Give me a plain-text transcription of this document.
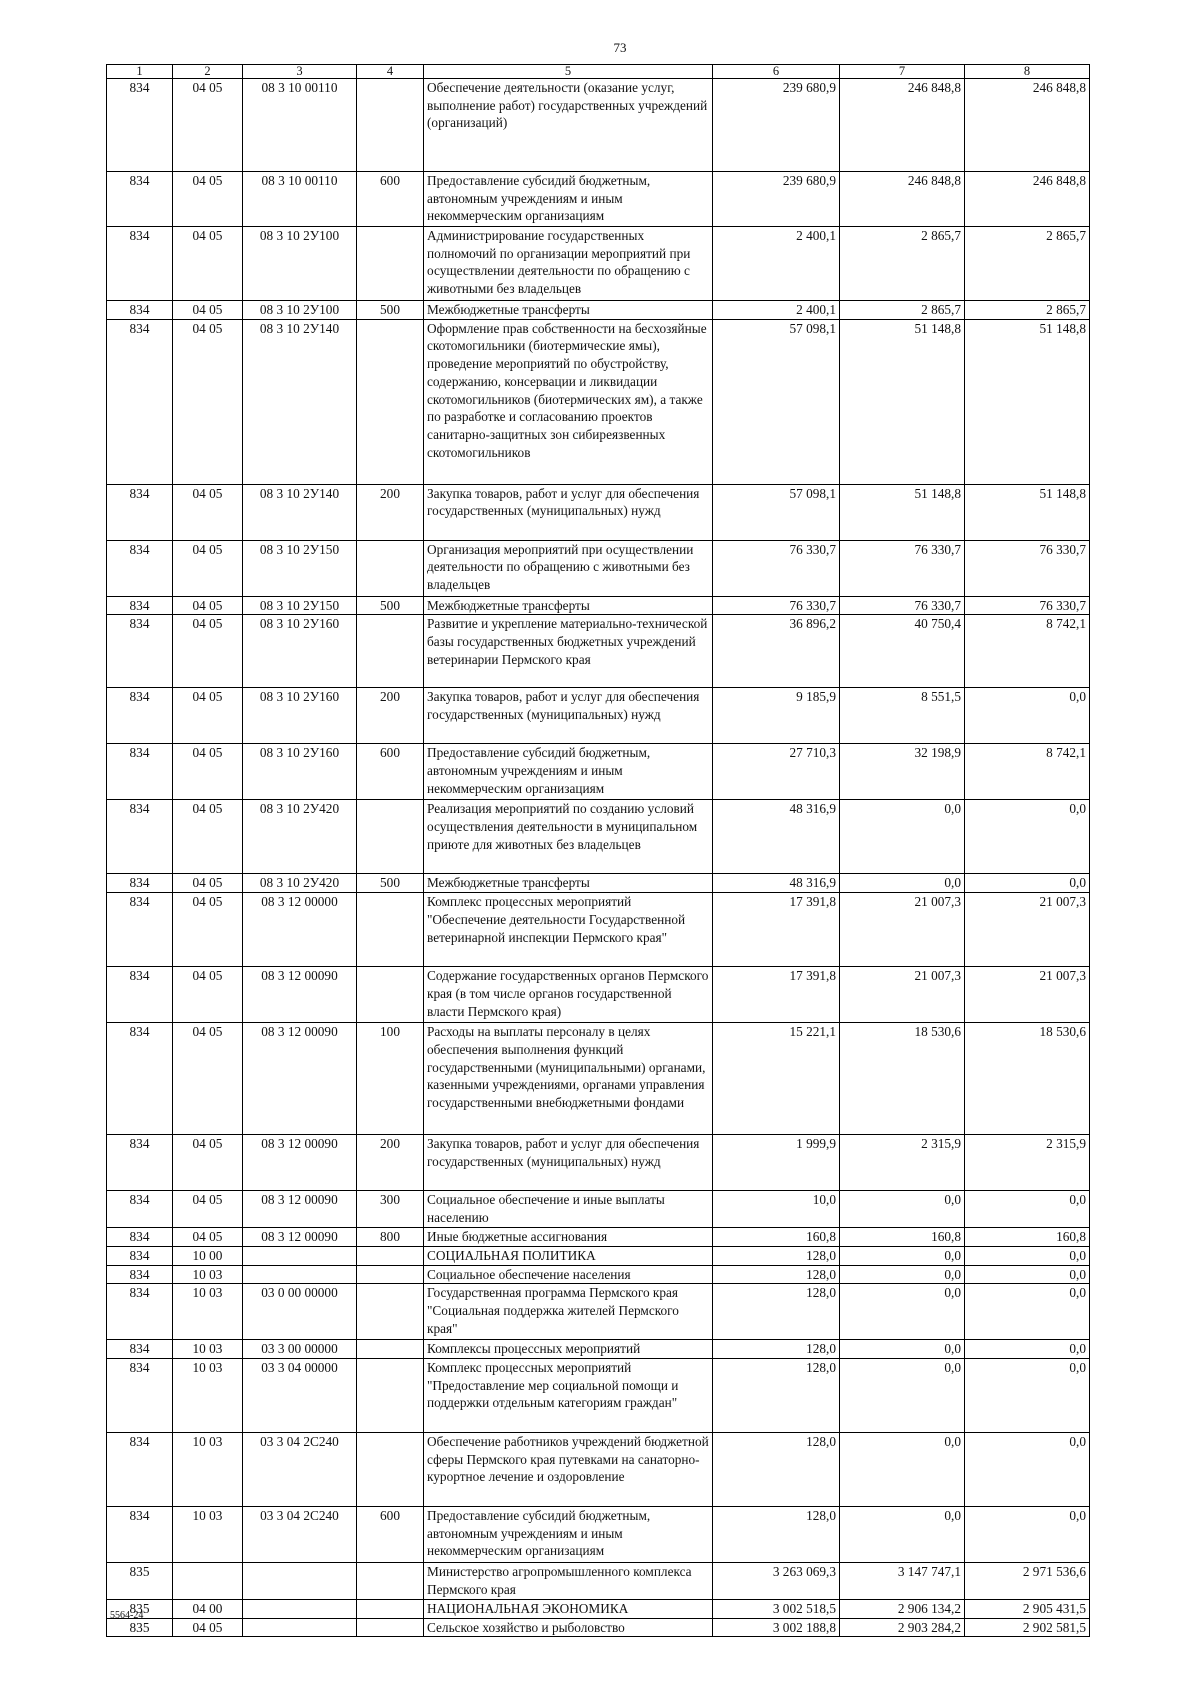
73
1	2	3	4	5	6	7	8
834	04 05	08 3 10 00110		Обеспечение деятельности (оказание услуг, выполнение работ) государственных учреждений (организаций)	239 680,9	246 848,8	246 848,8
834	04 05	08 3 10 00110	600	Предоставление субсидий бюджетным, автономным учреждениям и иным некоммерческим организациям	239 680,9	246 848,8	246 848,8
834	04 05	08 3 10 2У100		Администрирование государственных полномочий по организации мероприятий при осуществлении деятельности по обращению с животными без владельцев	2 400,1	2 865,7	2 865,7
834	04 05	08 3 10 2У100	500	Межбюджетные трансферты	2 400,1	2 865,7	2 865,7
834	04 05	08 3 10 2У140		Оформление прав собственности на бесхозяйные скотомогильники (биотермические ямы), проведение мероприятий по обустройству, содержанию, консервации и ликвидации скотомогильников (биотермических ям), а также по разработке и согласованию проектов санитарно-защитных зон сибиреязвенных скотомогильников	57 098,1	51 148,8	51 148,8
834	04 05	08 3 10 2У140	200	Закупка товаров, работ и услуг для обеспечения государственных (муниципальных) нужд	57 098,1	51 148,8	51 148,8
834	04 05	08 3 10 2У150		Организация мероприятий при осуществлении деятельности по обращению с животными без владельцев	76 330,7	76 330,7	76 330,7
834	04 05	08 3 10 2У150	500	Межбюджетные трансферты	76 330,7	76 330,7	76 330,7
834	04 05	08 3 10 2У160		Развитие и укрепление материально-технической базы государственных бюджетных учреждений ветеринарии Пермского края	36 896,2	40 750,4	8 742,1
834	04 05	08 3 10 2У160	200	Закупка товаров, работ и услуг для обеспечения государственных (муниципальных) нужд	9 185,9	8 551,5	0,0
834	04 05	08 3 10 2У160	600	Предоставление субсидий бюджетным, автономным учреждениям и иным некоммерческим организациям	27 710,3	32 198,9	8 742,1
834	04 05	08 3 10 2У420		Реализация мероприятий по созданию условий осуществления деятельности в муниципальном приюте для животных без владельцев	48 316,9	0,0	0,0
834	04 05	08 3 10 2У420	500	Межбюджетные трансферты	48 316,9	0,0	0,0
834	04 05	08 3 12 00000		Комплекс процессных мероприятий "Обеспечение деятельности Государственной ветеринарной инспекции Пермского края"	17 391,8	21 007,3	21 007,3
834	04 05	08 3 12 00090		Содержание государственных органов Пермского края (в том числе органов государственной власти Пермского края)	17 391,8	21 007,3	21 007,3
834	04 05	08 3 12 00090	100	Расходы на выплаты персоналу в целях обеспечения выполнения функций государственными (муниципальными) органами, казенными учреждениями, органами управления государственными внебюджетными фондами	15 221,1	18 530,6	18 530,6
834	04 05	08 3 12 00090	200	Закупка товаров, работ и услуг для обеспечения государственных (муниципальных) нужд	1 999,9	2 315,9	2 315,9
834	04 05	08 3 12 00090	300	Социальное обеспечение и иные выплаты населению	10,0	0,0	0,0
834	04 05	08 3 12 00090	800	Иные бюджетные ассигнования	160,8	160,8	160,8
834	10 00			СОЦИАЛЬНАЯ ПОЛИТИКА	128,0	0,0	0,0
834	10 03			Социальное обеспечение населения	128,0	0,0	0,0
834	10 03	03 0 00 00000		Государственная программа Пермского края "Социальная поддержка жителей Пермского края"	128,0	0,0	0,0
834	10 03	03 3 00 00000		Комплексы процессных мероприятий	128,0	0,0	0,0
834	10 03	03 3 04 00000		Комплекс процессных мероприятий "Предоставление мер социальной помощи и поддержки отдельным категориям граждан"	128,0	0,0	0,0
834	10 03	03 3 04 2С240		Обеспечение работников учреждений бюджетной сферы Пермского края путевками на санаторно-курортное лечение и оздоровление	128,0	0,0	0,0
834	10 03	03 3 04 2С240	600	Предоставление субсидий бюджетным, автономным учреждениям и иным некоммерческим организациям	128,0	0,0	0,0
835				Министерство агропромышленного комплекса Пермского края	3 263 069,3	3 147 747,1	2 971 536,6
835	04 00			НАЦИОНАЛЬНАЯ ЭКОНОМИКА	3 002 518,5	2 906 134,2	2 905 431,5
835	04 05			Сельское хозяйство и рыболовство	3 002 188,8	2 903 284,2	2 902 581,5
5564-24
